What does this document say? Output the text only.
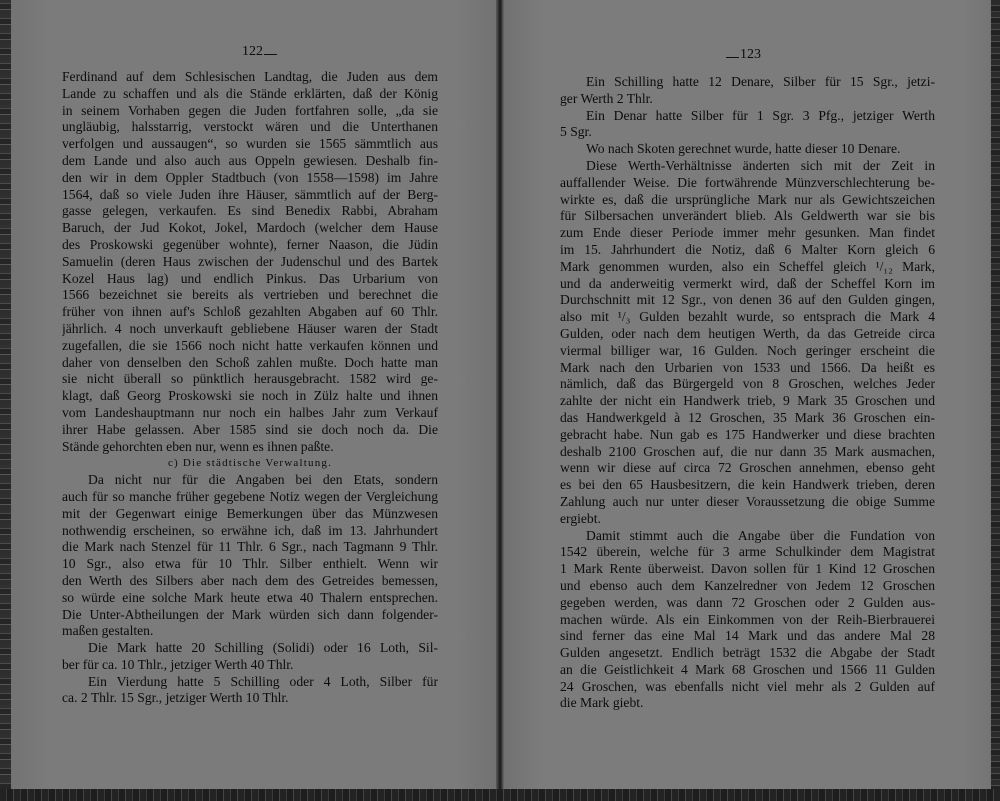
122
Ferdinand auf dem Schlesischen Landtag, die Juden aus dem
Lande zu schaffen und als die Stände erklärten, daß der König
in seinem Vorhaben gegen die Juden fortfahren solle, „da sie
ungläubig, halsstarrig, verstockt wären und die Unterthanen
verfolgen und aussaugen“, so wurden sie 1565 sämmtlich aus
dem Lande und also auch aus Oppeln gewiesen. Deshalb fin-
den wir in dem Oppler Stadtbuch (von 1558—1598) im Jahre
1564, daß so viele Juden ihre Häuser, sämmtlich auf der Berg-
gasse gelegen, verkaufen. Es sind Benedix Rabbi, Abraham
Baruch, der Jud Kokot, Jokel, Mardoch (welcher dem Hause
des Proskowski gegenüber wohnte), ferner Naason, die Jüdin
Samuelin (deren Haus zwischen der Judenschul und des Bartek
Kozel Haus lag) und endlich Pinkus. Das Urbarium von
1566 bezeichnet sie bereits als vertrieben und berechnet die
früher von ihnen auf's Schloß gezahlten Abgaben auf 60 Thlr.
jährlich. 4 noch unverkauft gebliebene Häuser waren der Stadt
zugefallen, die sie 1566 noch nicht hatte verkaufen können und
daher von denselben den Schoß zahlen mußte. Doch hatte man
sie nicht überall so pünktlich herausgebracht. 1582 wird ge-
klagt, daß Georg Proskowski sie noch in Zülz halte und ihnen
vom Landeshauptmann nur noch ein halbes Jahr zum Verkauf
ihrer Habe gelassen. Aber 1585 sind sie doch noch da. Die
Stände gehorchten eben nur, wenn es ihnen paßte.
c) Die städtische Verwaltung.
Da nicht nur für die Angaben bei den Etats, sondern
auch für so manche früher gegebene Notiz wegen der Vergleichung
mit der Gegenwart einige Bemerkungen über das Münzwesen
nothwendig erscheinen, so erwähne ich, daß im 13. Jahrhundert
die Mark nach Stenzel für 11 Thlr. 6 Sgr., nach Tagmann 9 Thlr.
10 Sgr., also etwa für 10 Thlr. Silber enthielt. Wenn wir
den Werth des Silbers aber nach dem des Getreides bemessen,
so würde eine solche Mark heute etwa 40 Thalern entsprechen.
Die Unter-Abtheilungen der Mark würden sich dann folgender-
maßen gestalten.
Die Mark hatte 20 Schilling (Solidi) oder 16 Loth, Sil-
ber für ca. 10 Thlr., jetziger Werth 40 Thlr.
Ein Vierdung hatte 5 Schilling oder 4 Loth, Silber für
ca. 2 Thlr. 15 Sgr., jetziger Werth 10 Thlr.
123
Ein Schilling hatte 12 Denare, Silber für 15 Sgr., jetzi-
ger Werth 2 Thlr.
Ein Denar hatte Silber für 1 Sgr. 3 Pfg., jetziger Werth
5 Sgr.
Wo nach Skoten gerechnet wurde, hatte dieser 10 Denare.
Diese Werth-Verhältnisse änderten sich mit der Zeit in
auffallender Weise. Die fortwährende Münzverschlechterung be-
wirkte es, daß die ursprüngliche Mark nur als Gewichtszeichen
für Silbersachen unverändert blieb. Als Geldwerth war sie bis
zum Ende dieser Periode immer mehr gesunken. Man findet
im 15. Jahrhundert die Notiz, daß 6 Malter Korn gleich 6
Mark genommen wurden, also ein Scheffel gleich ¹/₁₂ Mark,
und da anderweitig vermerkt wird, daß der Scheffel Korn im
Durchschnitt mit 12 Sgr., von denen 36 auf den Gulden gingen,
also mit ¹/₃ Gulden bezahlt wurde, so entsprach die Mark 4
Gulden, oder nach dem heutigen Werth, da das Getreide circa
viermal billiger war, 16 Gulden. Noch geringer erscheint die
Mark nach den Urbarien von 1533 und 1566. Da heißt es
nämlich, daß das Bürgergeld von 8 Groschen, welches Jeder
zahlte der nicht ein Handwerk trieb, 9 Mark 35 Groschen und
das Handwerkgeld à 12 Groschen, 35 Mark 36 Groschen ein-
gebracht habe. Nun gab es 175 Handwerker und diese brachten
deshalb 2100 Groschen auf, die nur dann 35 Mark ausmachen,
wenn wir diese auf circa 72 Groschen annehmen, ebenso geht
es bei den 65 Hausbesitzern, die kein Handwerk trieben, deren
Zahlung auch nur unter dieser Voraussetzung die obige Summe
ergiebt.
Damit stimmt auch die Angabe über die Fundation von
1542 überein, welche für 3 arme Schulkinder dem Magistrat
1 Mark Rente überweist. Davon sollen für 1 Kind 12 Groschen
und ebenso auch dem Kanzelredner von Jedem 12 Groschen
gegeben werden, was dann 72 Groschen oder 2 Gulden aus-
machen würde. Als ein Einkommen von der Reih-Bierbrauerei
sind ferner das eine Mal 14 Mark und das andere Mal 28
Gulden angesetzt. Endlich beträgt 1532 die Abgabe der Stadt
an die Geistlichkeit 4 Mark 68 Groschen und 1566 11 Gulden
24 Groschen, was ebenfalls nicht viel mehr als 2 Gulden auf
die Mark giebt.
